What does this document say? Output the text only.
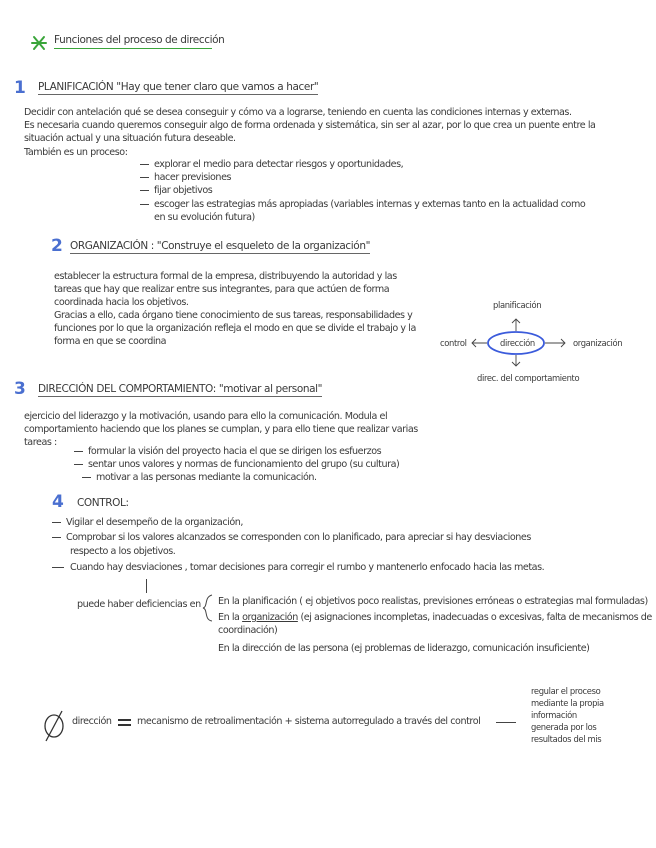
Funciones del proceso de dirección
1 PLANIFICACIÓN "Hay que tener claro que vamos a hacer"
Decidir con antelación qué se desea conseguir y cómo va a lograrse, teniendo en cuenta las condiciones internas y externas.
Es necesaria cuando queremos conseguir algo de forma ordenada y sistemática, sin ser al azar, por lo que crea un puente entre la
situación actual y una situación futura deseable.
También es un proceso:
explorar el medio para detectar riesgos y oportunidades,
hacer previsiones
fijar objetivos
escoger las estrategias más apropiadas (variables internas y externas tanto en la actualidad como
en su evolución futura)
2 ORGANIZACIÓN : "Construye el esqueleto de la organización"
establecer la estructura formal de la empresa, distribuyendo la autoridad y las
tareas que hay que realizar entre sus integrantes, para que actúen de forma
coordinada hacia los objetivos.
Gracias a ello, cada órgano tiene conocimiento de sus tareas, responsabilidades y
funciones por lo que la organización refleja el modo en que se divide el trabajo y la
forma en que se coordina	dirección
planificación
control	organización
direc. del comportamiento
3 DIRECCIÓN DEL COMPORTAMIENTO: "motivar al personal"
ejercicio del liderazgo y la motivación, usando para ello la comunicación. Modula el
comportamiento haciendo que los planes se cumplan, y para ello tiene que realizar varias
tareas :
formular la visión del proyecto hacia el que se dirigen los esfuerzos
sentar unos valores y normas de funcionamiento del grupo (su cultura)
motivar a las personas mediante la comunicación.
4 CONTROL:
Vigilar el desempeño de la organización,
Comprobar si los valores alcanzados se corresponden con lo planificado, para apreciar si hay desviaciones
respecto a los objetivos.
Cuando hay desviaciones , tomar decisiones para corregir el rumbo y mantenerlo enfocado hacia las metas.
puede haber deficiencias en En la planificación ( ej objetivos poco realistas, previsiones erróneas o estrategias mal formuladas)
En la organización (ej asignaciones incompletas, inadecuadas o excesivas, falta de mecanismos de
coordinación)
En la dirección de las persona (ej problemas de liderazgo, comunicación insuficiente)
dirección	mecanismo de retroalimentación + sistema autorregulado a través del control
regular el proceso
mediante la propia
información
generada por los
resultados del mis
